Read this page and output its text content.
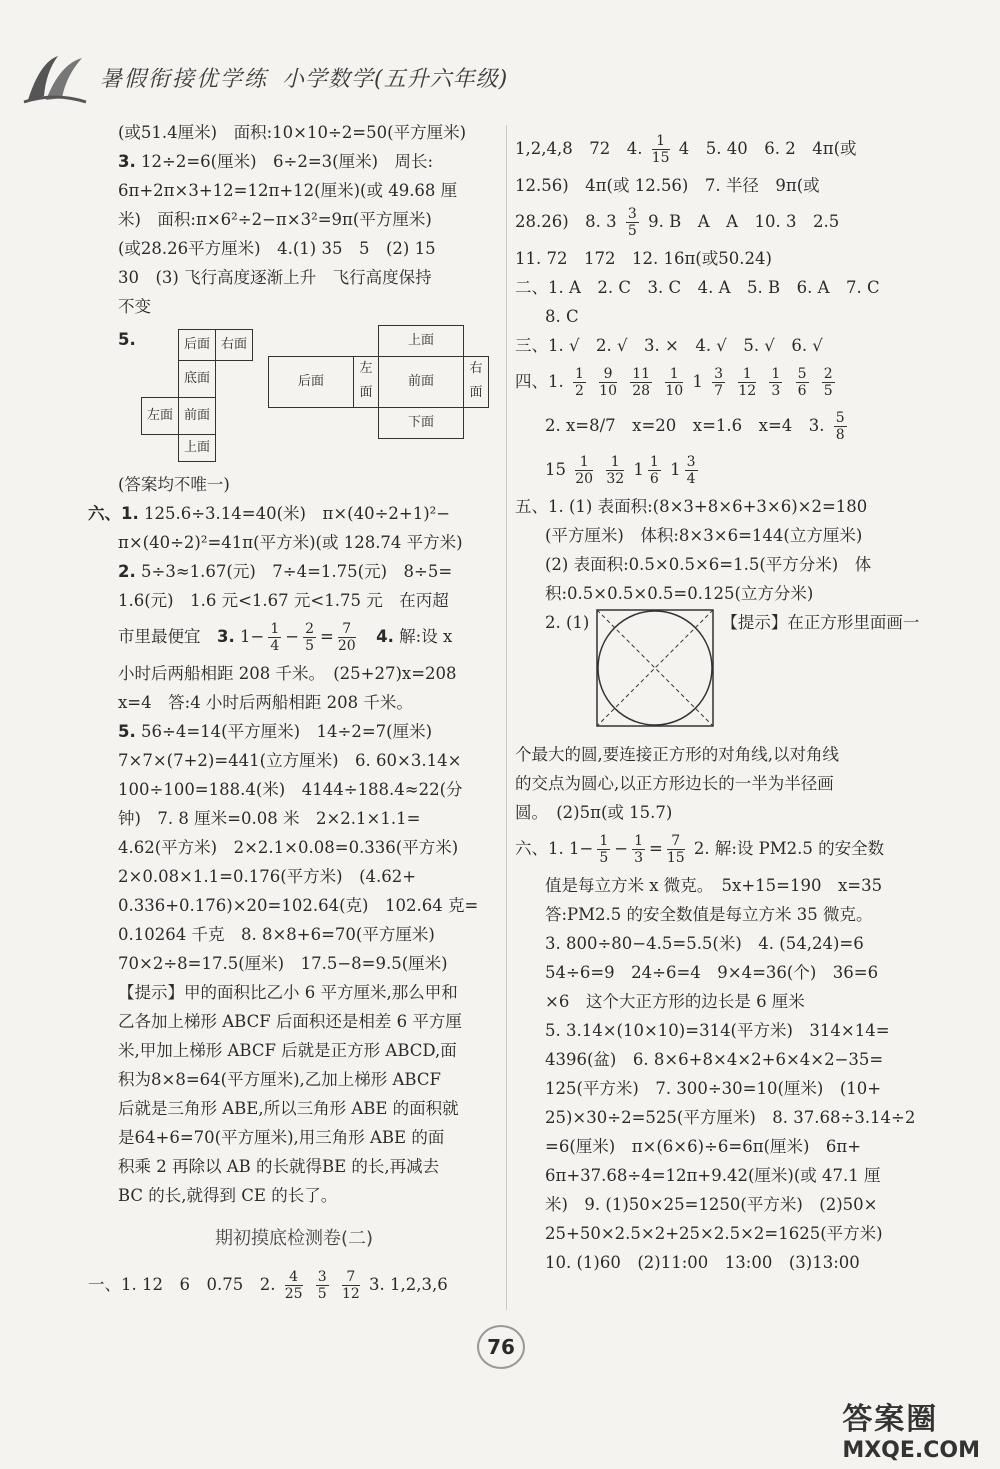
暑假衔接优学练 小学数学(五升六年级)
(或51.4厘米)　面积:10×10÷2=50(平方厘米)
3. 12÷2=6(厘米)　6÷2=3(厘米)　周长:
6π+2π×3+12=12π+12(厘米)(或 49.68 厘
米)　面积:π×6²÷2−π×3²=9π(平方厘米)
(或28.26平方厘米)　4.(1) 35　5　(2) 15
30　(3) 飞行高度逐渐上升　飞行高度保持
不变
5.	后面 右面
底面
左面 前面
上面
上面
后面
左面
前面
右面
下面
(答案均不唯一)
六、1. 125.6÷3.14=40(米)　π×(40÷2+1)²−
π×(40÷2)²=41π(平方米)(或 128.74 平方米)
2. 5÷3≈1.67(元)　7÷4=1.75(元)　8÷5=
1.6(元)　1.6 元<1.67 元<1.75 元　在丙超
市里最便宜　 3. $1- \frac{1}{4} - \frac{2}{5} = \frac{7}{20}$
　 4. 解:设 x
小时后两船相距 208 千米。　(25+27)x=208
x=4　答:4 小时后两船相距 208 千米。
5. 56÷4=14(平方厘米)　14÷2=7(厘米)
7×7×(7+2)=441(立方厘米)　6. 60×3.14×
100÷100=188.4(米)　4144÷188.4≈22(分
钟)　7. 8 厘米=0.08 米　2×2.1×1.1=
4.62(平方米)　2×2.1×0.08=0.336(平方米)
2×0.08×1.1=0.176(平方米)　(4.62+
0.336+0.176)×20=102.64(克)　102.64 克=
0.10264 千克　8. 8×8+6=70(平方厘米)
70×2÷8=17.5(厘米)　17.5−8=9.5(厘米)
【提示】甲的面积比乙小 6 平方厘米,那么甲和
乙各加上梯形 ABCF 后面积还是相差 6 平方厘
米,甲加上梯形 ABCF 后就是正方形 ABCD,面
积为8×8=64(平方厘米),乙加上梯形 ABCF
后就是三角形 ABE,所以三角形 ABE 的面积就
是64+6=70(平方厘米),用三角形 ABE 的面
积乘 2 再除以 AB 的长就得BE 的长,再减去
BC 的长,就得到 CE 的长了。
期初摸底检测卷(二)
一、1. 12　6　0.75　2. $\frac{4}{25}$
$\frac{3}{5}$
$\frac{7}{12} 3$. 1,2,3,6
1,2,4,8　72　4. $\frac{1}{15} 4$　5. 40　6. 2　4π(或
12.56)　4π(或 12.56)　7. 半径　9π(或
28.26)　8. $3 \frac{3}{5} 9$. B　A　A　10. 3　2.5
11. 72　172　12. 16π(或50.24)
二、1. A　2. C　3. C　4. A　5. B　6. A　7. C
8. C
三、1. √　2. √　3. ×　4. √　5. √　6. √
四、1. $\frac{1}{2}$
$\frac{9}{10}$
$\frac{11}{28}$
$\frac{1}{10} 1 \frac{3}{7}$
$\frac{1}{12}$
$\frac{1}{3}$
$\frac{5}{6}$
$\frac{2}{5}$
2. x=8/7　x=20　x=1.6　x=4　3. $\frac{5}{8}$
$15 \frac{1}{20}$
$\frac{1}{32} 1 \frac{1}{6} 1 \frac{3}{4}$
五、1. (1) 表面积:(8×3+8×6+3×6)×2=180
(平方厘米)　体积:8×3×6=144(立方厘米)
(2) 表面积:0.5×0.5×6=1.5(平方分米)　体
积:0.5×0.5×0.5=0.125(立方分米)
2. (1)	【提示】在正方形里面画一
个最大的圆,要连接正方形的对角线,以对角线
的交点为圆心,以正方形边长的一半为半径画
圆。　(2)5π(或 15.7)
六、1. $1- \frac{1}{5} - \frac{1}{3} = \frac{7}{15} 2$. 解:设 PM2.5 的安全数
值是每立方米 x 微克。　5x+15=190　x=35
答:PM2.5 的安全数值是每立方米 35 微克。
3. 800÷80−4.5=5.5(米)　4. (54,24)=6
54÷6=9　24÷6=4　9×4=36(个)　36=6
×6　这个大正方形的边长是 6 厘米
5. 3.14×(10×10)=314(平方米)　314×14=
4396(盆)　6. 8×6+8×4×2+6×4×2−35=
125(平方米)　7. 300÷30=10(厘米)　(10+
25)×30÷2=525(平方厘米)　8. 37.68÷3.14÷2
=6(厘米)　π×(6×6)÷6=6π(厘米)　6π+
6π+37.68÷4=12π+9.42(厘米)(或 47.1 厘
米)　9. (1)50×25=1250(平方米)　(2)50×
25+50×2.5×2+25×2.5×2=1625(平方米)
10. (1)60　(2)11:00　13:00　(3)13:00
76
答案圈
MXQE.COM
